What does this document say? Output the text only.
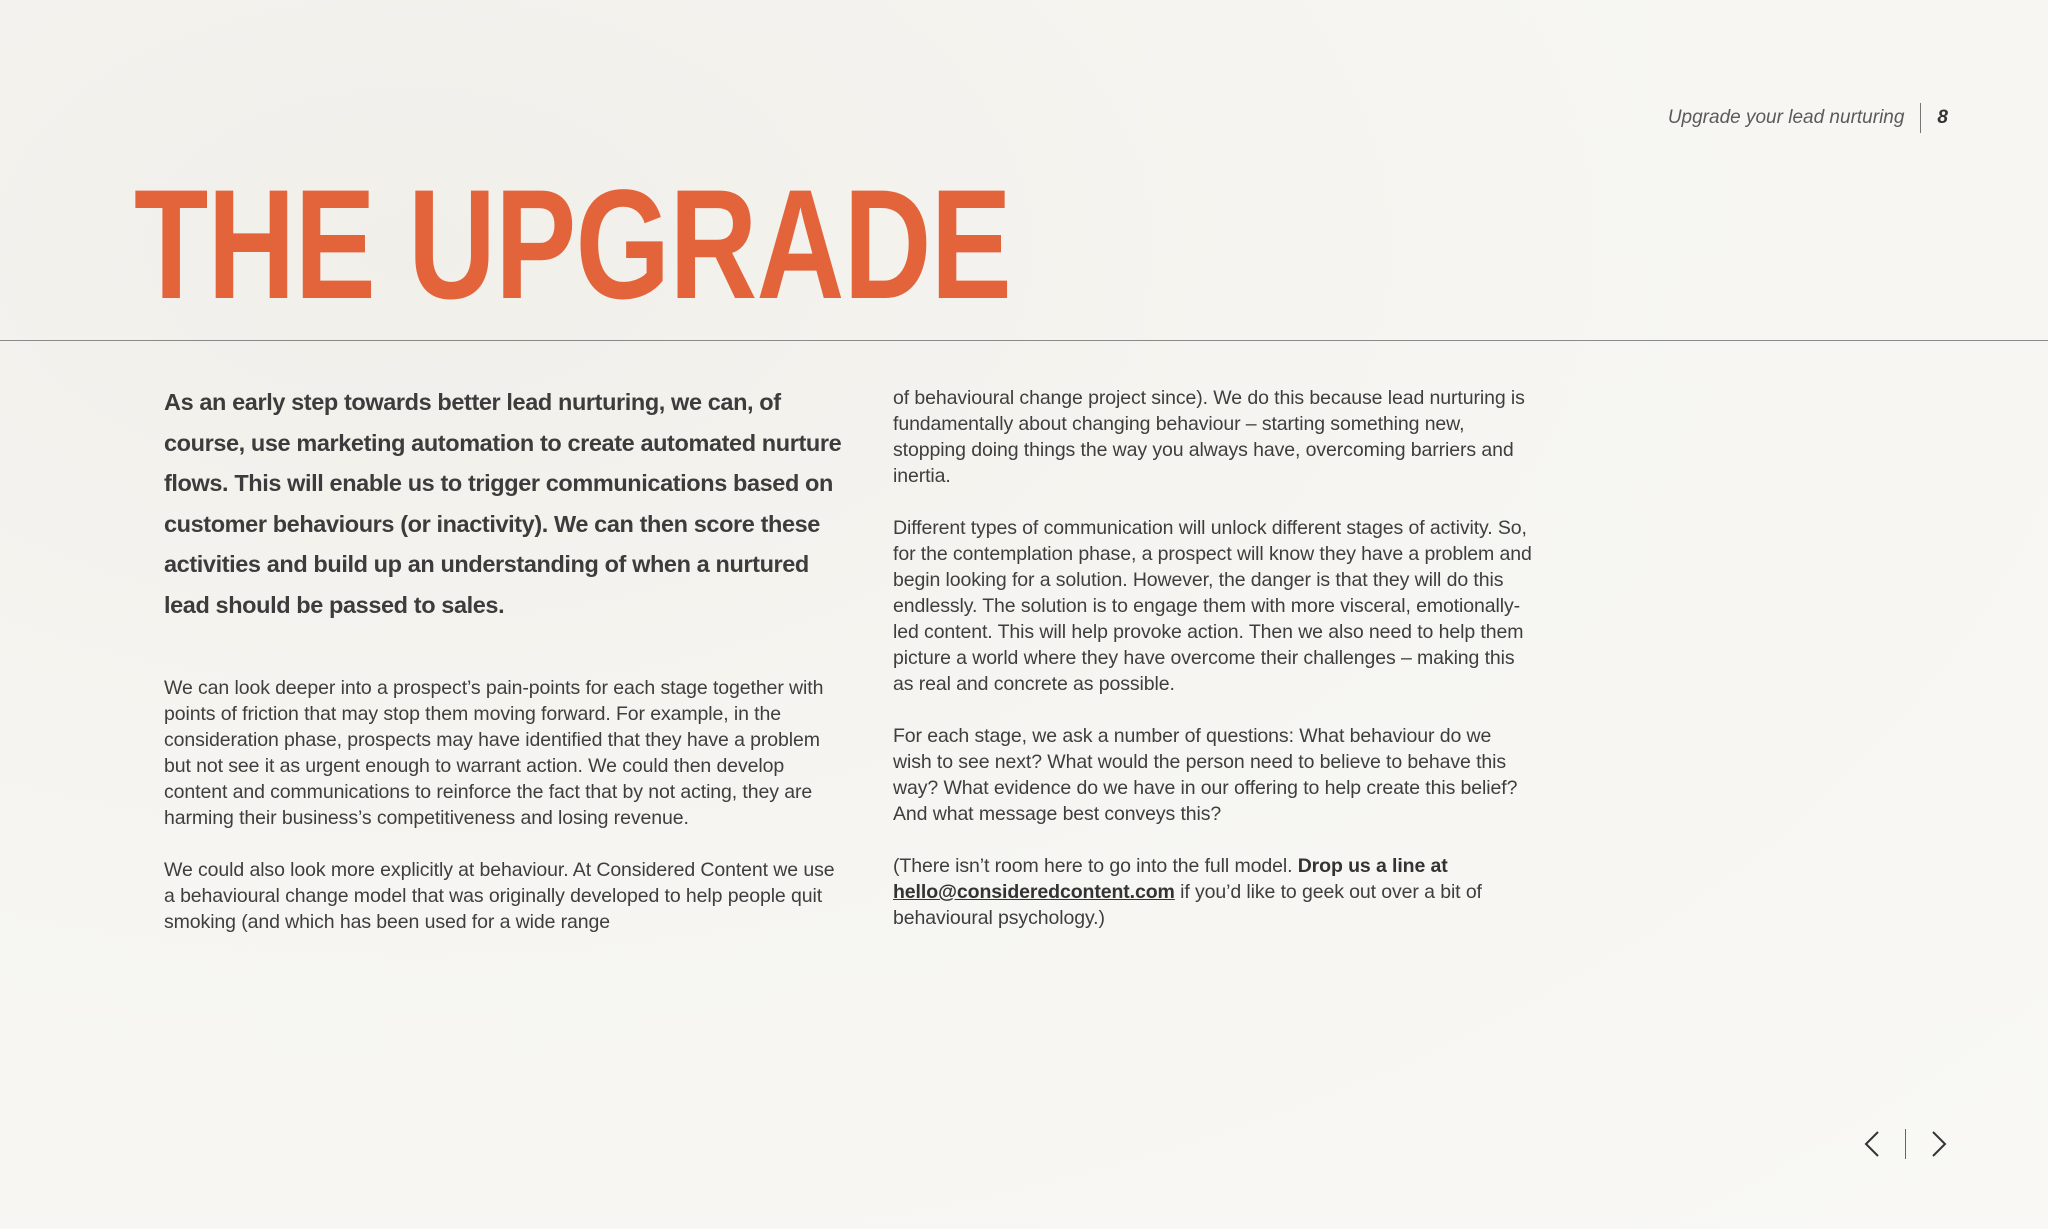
Upgrade your lead nurturing 8
THE UPGRADE

As an early step towards better lead nurturing, we can, of course, use marketing automation to create automated nurture flows. This will enable us to trigger communications based on customer behaviours (or inactivity). We can then score these activities and build up an understanding of when a nurtured lead should be passed to sales.

We can look deeper into a prospect’s pain-points for each stage together with points of friction that may stop them moving forward. For example, in the consideration phase, prospects may have identified that they have a problem but not see it as urgent enough to warrant action. We could then develop content and communications to reinforce the fact that by not acting, they are harming their business’s competitiveness and losing revenue.

We could also look more explicitly at behaviour. At Considered Content we use a behavioural change model that was originally developed to help people quit smoking (and which has been used for a wide range

of behavioural change project since). We do this because lead nurturing is fundamentally about changing behaviour – starting something new, stopping doing things the way you always have, overcoming barriers and inertia.

Different types of communication will unlock different stages of activity. So, for the contemplation phase, a prospect will know they have a problem and begin looking for a solution. However, the danger is that they will do this endlessly. The solution is to engage them with more visceral, emotionally-led content. This will help provoke action. Then we also need to help them picture a world where they have overcome their challenges – making this as real and concrete as possible.

For each stage, we ask a number of questions: What behaviour do we wish to see next? What would the person need to believe to behave this way? What evidence do we have in our offering to help create this belief? And what message best conveys this?

(There isn’t room here to go into the full model. Drop us a line at
hello@consideredcontent.com if you’d like to geek out over a bit of behavioural psychology.)
